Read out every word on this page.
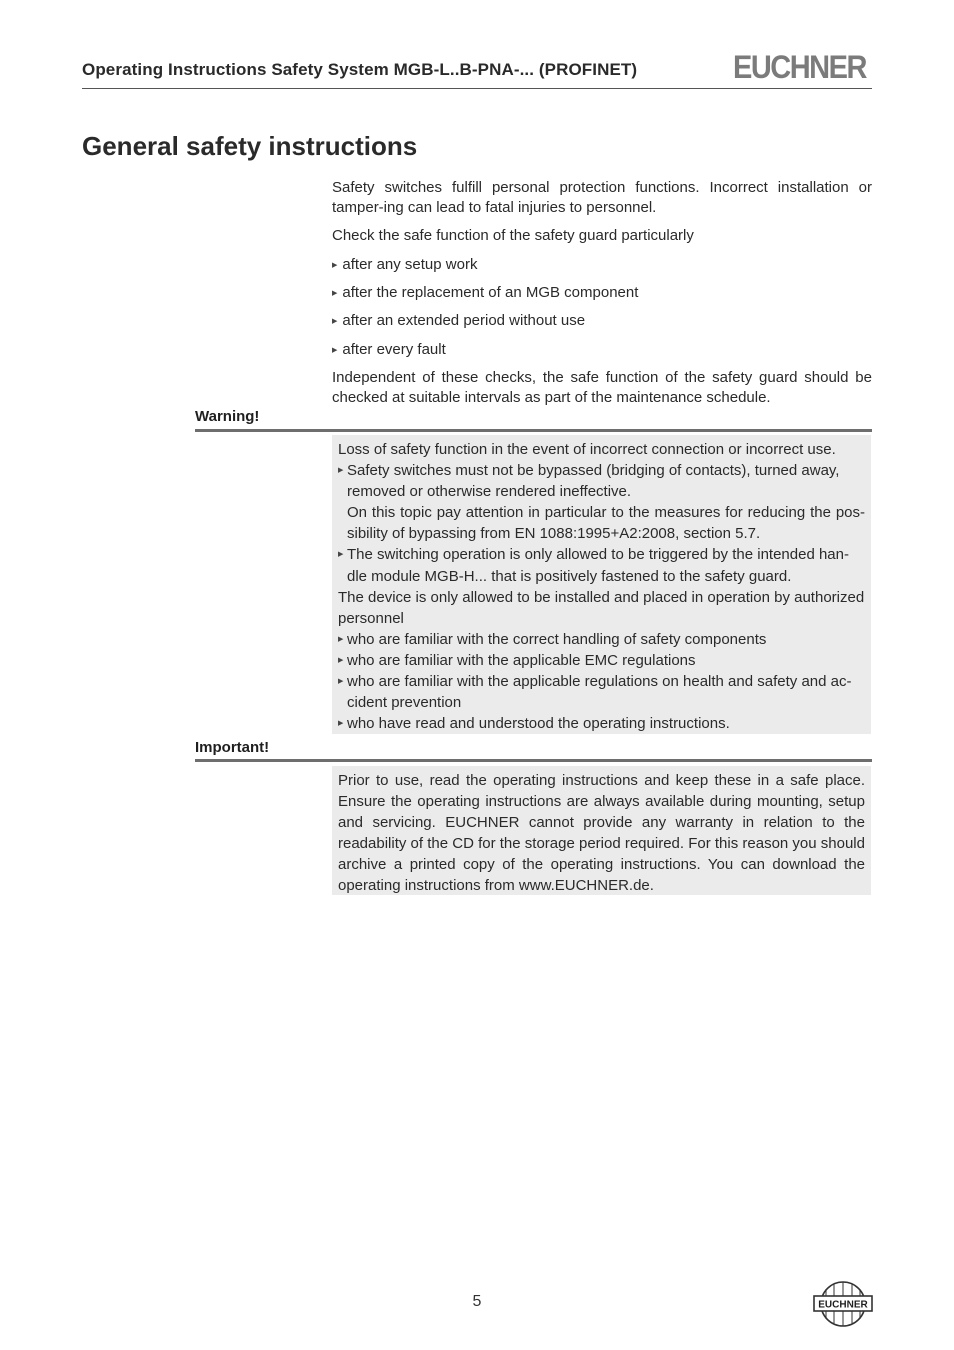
Operating Instructions Safety System MGB-L..B-PNA-... (PROFINET)	EUCHNER
General safety instructions
Safety switches fulfill personal protection functions. Incorrect installation or tamper-ing can lead to fatal injuries to personnel.
Check the safe function of the safety guard particularly
▶ after any setup work
▶ after the replacement of an MGB component
▶ after an extended period without use
▶ after every fault
Independent of these checks, the safe function of the safety guard should be checked at suitable intervals as part of the maintenance schedule.
Warning!

Loss of safety function in the event of incorrect connection or incorrect use.

▶ Safety switches must not be bypassed (bridging of contacts), turned away, removed or otherwise rendered ineffective.
On this topic pay attention in particular to the measures for reducing the pos-sibility of bypassing from EN 1088:1995+A2:2008, section 5.7.
▶ The switching operation is only allowed to be triggered by the intended han-dle module MGB-H... that is positively fastened to the safety guard.

The device is only allowed to be installed and placed in operation by authorized personnel

▶ who are familiar with the correct handling of safety components
▶ who are familiar with the applicable EMC regulations
▶ who are familiar with the applicable regulations on health and safety and ac-cident prevention
▶ who have read and understood the operating instructions.
Important!

Prior to use, read the operating instructions and keep these in a safe place. Ensure the operating instructions are always available during mounting, setup and servicing. EUCHNER cannot provide any warranty in relation to the readability of the CD for the storage period required. For this reason you should archive a printed copy of the operating instructions. You can download the operating instructions from www.EUCHNER.de.

5	EUCHNER
